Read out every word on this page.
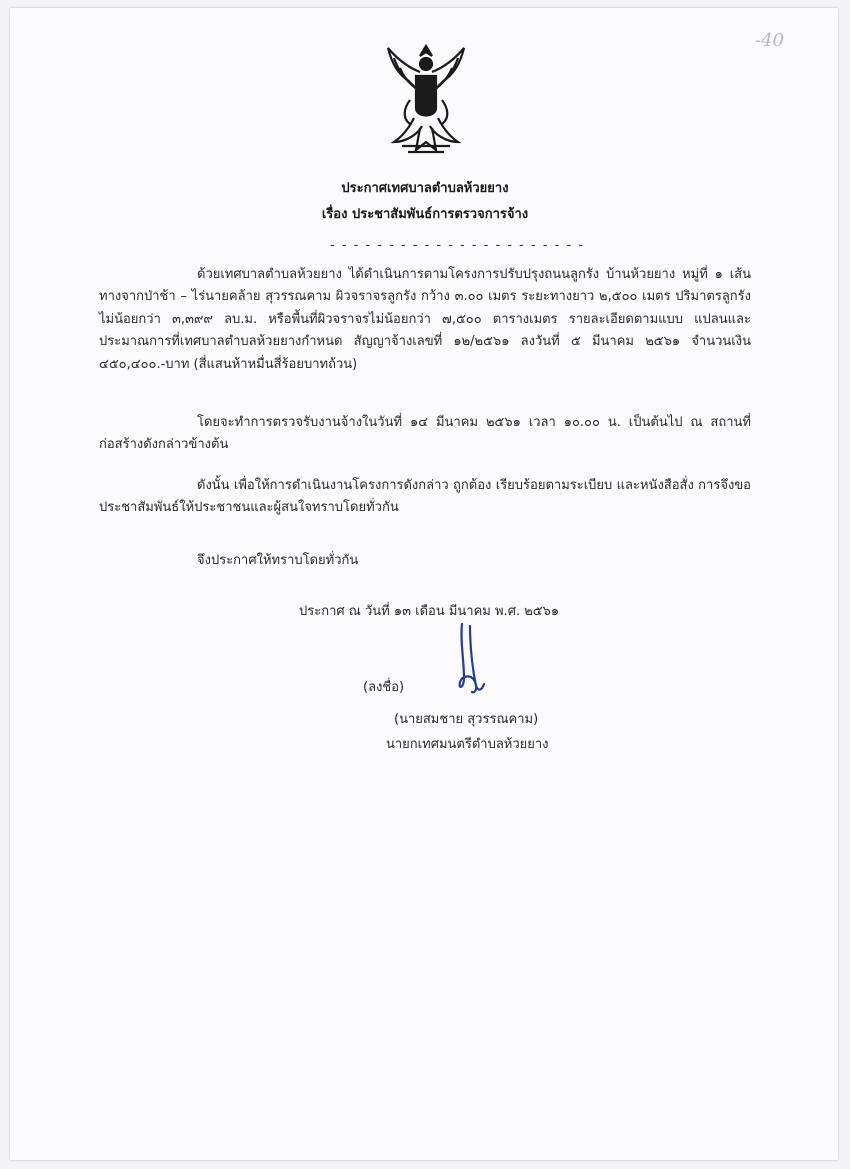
-40
ประกาศเทศบาลตำบลห้วยยาง
เรื่อง ประชาสัมพันธ์การตรวจการจ้าง
- - - - - - - - - - - - - - - - - - - - - -
ด้วยเทศบาลตำบลห้วยยาง ได้ดำเนินการตามโครงการปรับปรุงถนนลูกรัง บ้านห้วยยาง หมู่ที่ ๑ เส้นทางจากป่าช้า – ไร่นายคล้าย สุวรรณคาม ผิวจราจรลูกรัง กว้าง ๓.๐๐ เมตร ระยะทางยาว ๒,๕๐๐ เมตร ปริมาตรลูกรังไม่น้อยกว่า ๓,๓๙๙ ลบ.ม. หรือพื้นที่ผิวจราจรไม่น้อยกว่า ๗,๕๐๐ ตารางเมตร รายละเอียดตามแบบ แปลนและประมาณการที่เทศบาลตำบลห้วยยางกำหนด สัญญาจ้างเลขที่ ๑๒/๒๕๖๑ ลงวันที่ ๕ มีนาคม ๒๕๖๑ จำนวนเงิน ๔๕๐,๔๐๐.-บาท (สี่แสนห้าหมื่นสี่ร้อยบาทถ้วน)
โดยจะทำการตรวจรับงานจ้างในวันที่ ๑๔ มีนาคม ๒๕๖๑ เวลา ๑๐.๐๐ น. เป็นต้นไป ณ สถานที่ก่อสร้างดังกล่าวข้างต้น
ดังนั้น เพื่อให้การดำเนินงานโครงการดังกล่าว ถูกต้อง เรียบร้อยตามระเบียบ และหนังสือสั่ง การจึงขอประชาสัมพันธ์ให้ประชาชนและผู้สนใจทราบโดยทั่วกัน
จึงประกาศให้ทราบโดยทั่วกัน
ประกาศ ณ วันที่ ๑๓ เดือน มีนาคม พ.ศ. ๒๕๖๑
(ลงชื่อ)
(นายสมชาย สุวรรณคาม)
นายกเทศมนตรีตำบลห้วยยาง
